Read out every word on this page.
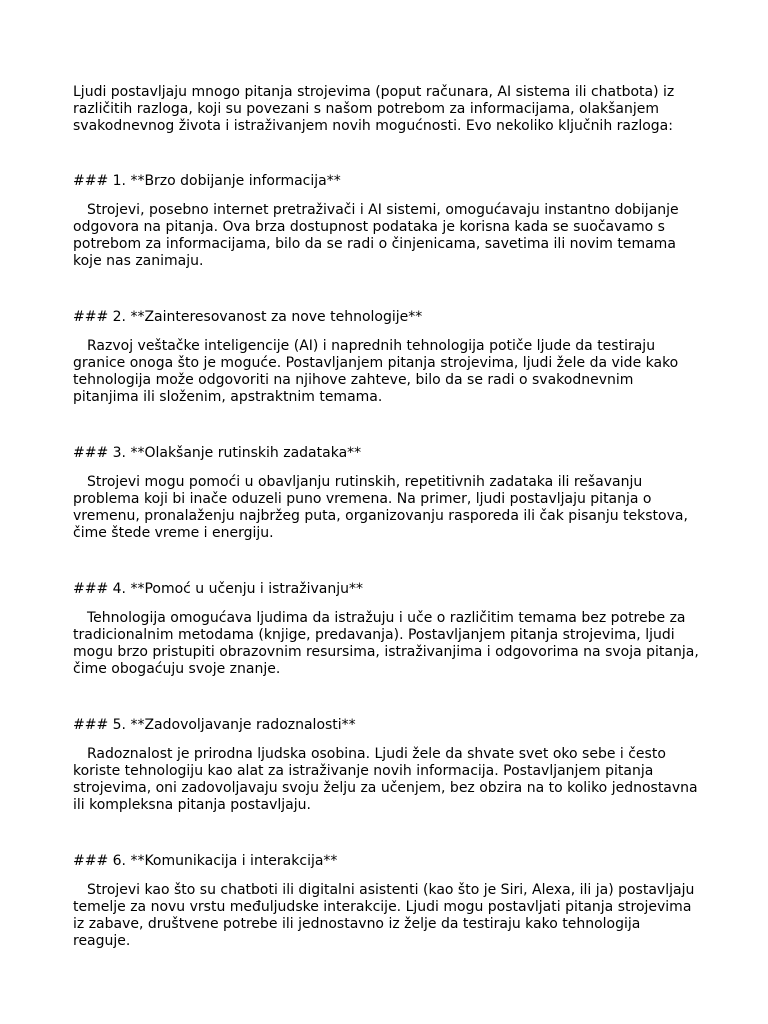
Ljudi postavljaju mnogo pitanja strojevima (poput računara, AI sistema ili chatbota) iz različitih razloga, koji su povezani s našom potrebom za informacijama, olakšanjem svakodnevnog života i istraživanjem novih mogućnosti. Evo nekoliko ključnih razloga:

### 1. **Brzo dobijanje informacija**

Strojevi, posebno internet pretraživači i AI sistemi, omogućavaju instantno dobijanje odgovora na pitanja. Ova brza dostupnost podataka je korisna kada se suočavamo s potrebom za informacijama, bilo da se radi o činjenicama, savetima ili novim temama koje nas zanimaju.

### 2. **Zainteresovanost za nove tehnologije**

Razvoj veštačke inteligencije (AI) i naprednih tehnologija potiče ljude da testiraju granice onoga što je moguće. Postavljanjem pitanja strojevima, ljudi žele da vide kako tehnologija može odgovoriti na njihove zahteve, bilo da se radi o svakodnevnim pitanjima ili složenim, apstraktnim temama.

### 3. **Olakšanje rutinskih zadataka**

Strojevi mogu pomoći u obavljanju rutinskih, repetitivnih zadataka ili rešavanju problema koji bi inače oduzeli puno vremena. Na primer, ljudi postavljaju pitanja o vremenu, pronalaženju najbržeg puta, organizovanju rasporeda ili čak pisanju tekstova, čime štede vreme i energiju.

### 4. **Pomoć u učenju i istraživanju**

Tehnologija omogućava ljudima da istražuju i uče o različitim temama bez potrebe za tradicionalnim metodama (knjige, predavanja). Postavljanjem pitanja strojevima, ljudi mogu brzo pristupiti obrazovnim resursima, istraživanjima i odgovorima na svoja pitanja, čime obogaćuju svoje znanje.

### 5. **Zadovoljavanje radoznalosti**

Radoznalost je prirodna ljudska osobina. Ljudi žele da shvate svet oko sebe i često koriste tehnologiju kao alat za istraživanje novih informacija. Postavljanjem pitanja strojevima, oni zadovoljavaju svoju želju za učenjem, bez obzira na to koliko jednostavna ili kompleksna pitanja postavljaju.

### 6. **Komunikacija i interakcija**

Strojevi kao što su chatboti ili digitalni asistenti (kao što je Siri, Alexa, ili ja) postavljaju temelje za novu vrstu međuljudske interakcije. Ljudi mogu postavljati pitanja strojevima iz zabave, društvene potrebe ili jednostavno iz želje da testiraju kako tehnologija reaguje.
